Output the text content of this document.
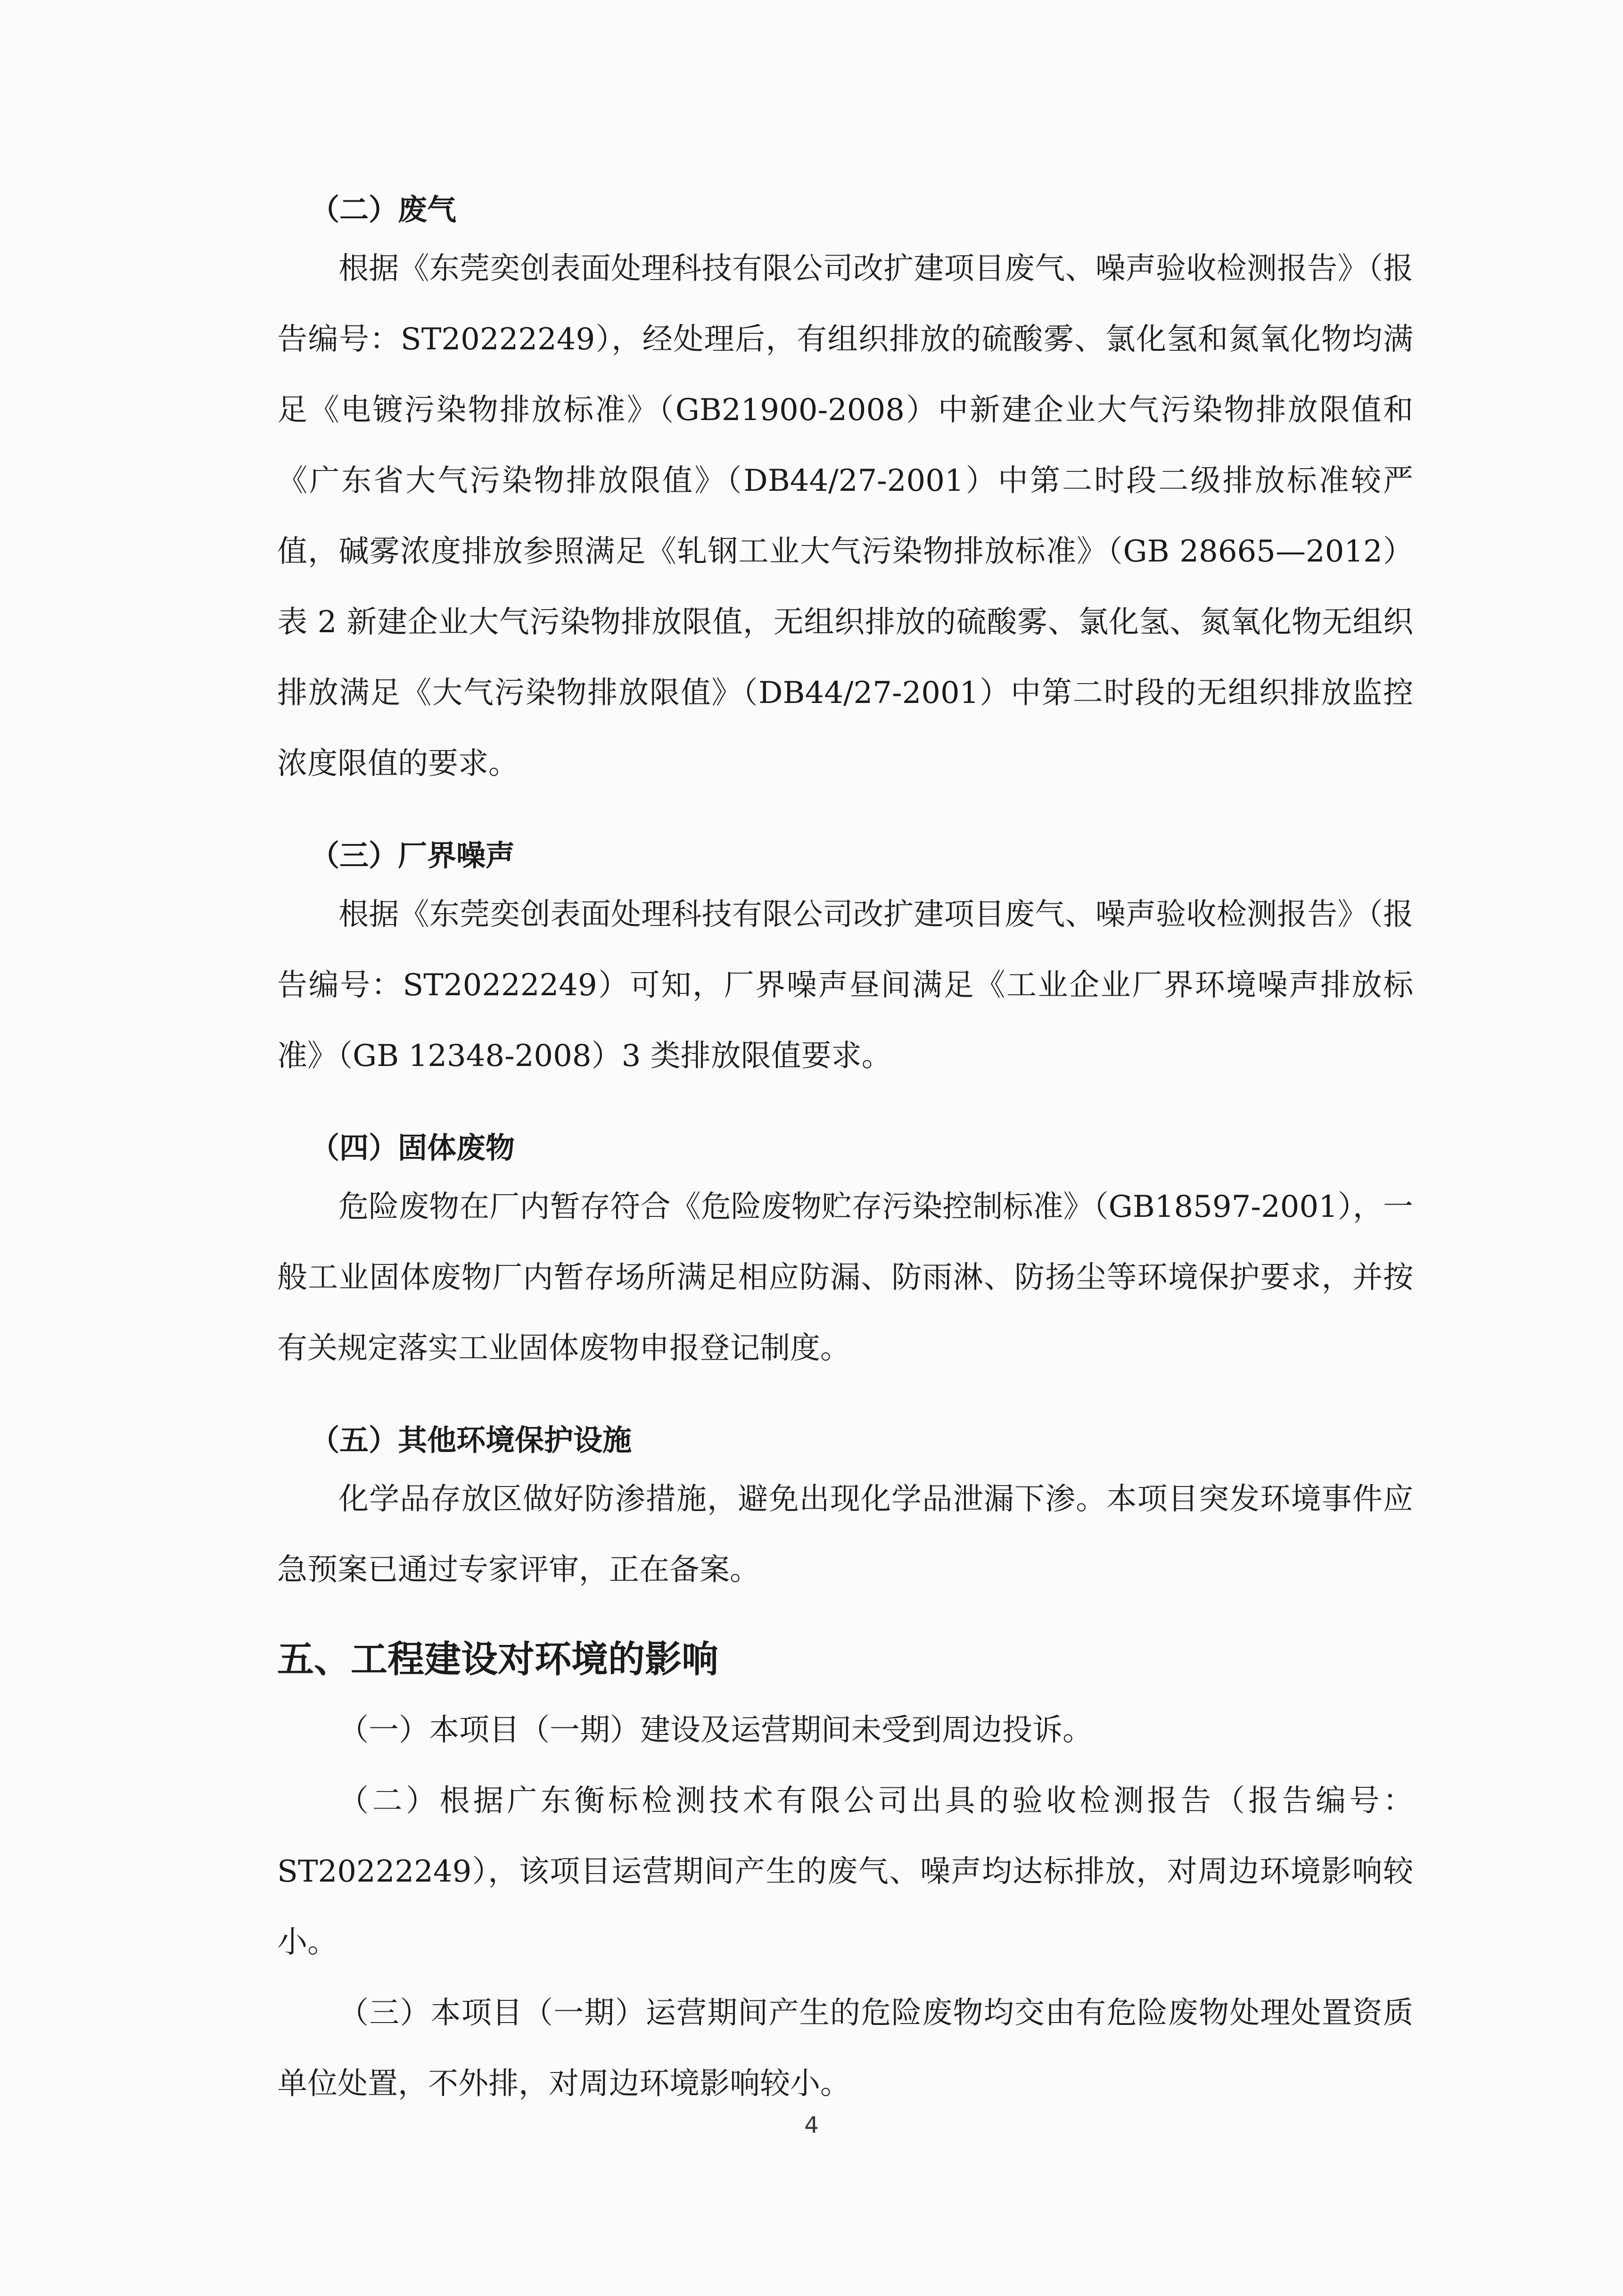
（二）废气

根据《东莞奕创表面处理科技有限公司改扩建项目废气、噪声验收检测报告》（报告编号：ST20222249），经处理后，有组织排放的硫酸雾、氯化氢和氮氧化物均满足《电镀污染物排放标准》（GB21900-2008）中新建企业大气污染物排放限值和《广东省大气污染物排放限值》（DB44/27-2001）中第二时段二级排放标准较严值，碱雾浓度排放参照满足《轧钢工业大气污染物排放标准》（GB 28665—2012）表 2 新建企业大气污染物排放限值，无组织排放的硫酸雾、氯化氢、氮氧化物无组织排放满足《大气污染物排放限值》（DB44/27-2001）中第二时段的无组织排放监控浓度限值的要求。

（三）厂界噪声

根据《东莞奕创表面处理科技有限公司改扩建项目废气、噪声验收检测报告》（报告编号：ST20222249）可知，厂界噪声昼间满足《工业企业厂界环境噪声排放标准》（GB 12348-2008）3 类排放限值要求。

（四）固体废物

危险废物在厂内暂存符合《危险废物贮存污染控制标准》（GB18597-2001），一般工业固体废物厂内暂存场所满足相应防漏、防雨淋、防扬尘等环境保护要求，并按有关规定落实工业固体废物申报登记制度。

（五）其他环境保护设施

化学品存放区做好防渗措施，避免出现化学品泄漏下渗。本项目突发环境事件应急预案已通过专家评审，正在备案。

五、工程建设对环境的影响

（一）本项目（一期）建设及运营期间未受到周边投诉。

（二）根据广东衡标检测技术有限公司出具的验收检测报告（报告编号：ST20222249），该项目运营期间产生的废气、噪声均达标排放，对周边环境影响较小。

（三）本项目（一期）运营期间产生的危险废物均交由有危险废物处理处置资质单位处置，不外排，对周边环境影响较小。

4
